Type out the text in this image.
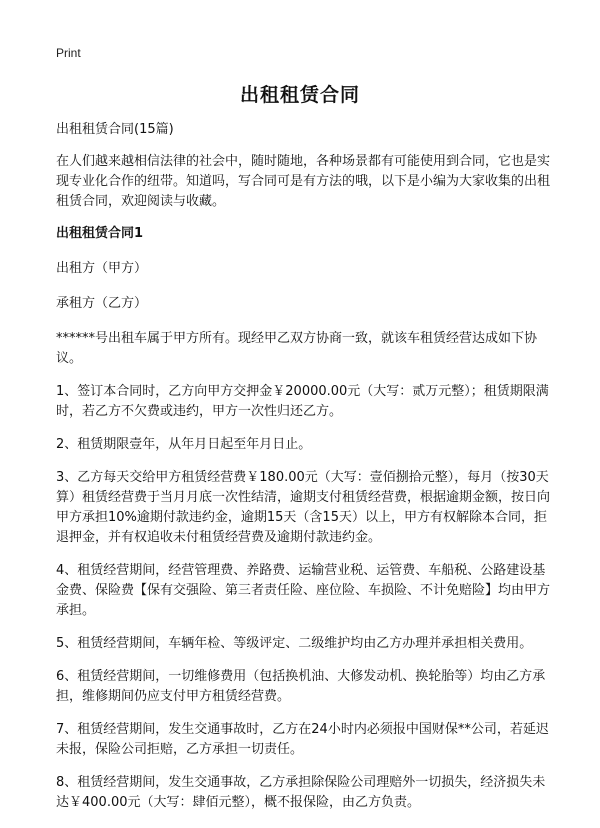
Print
出租租赁合同

出租租赁合同(15篇)

在人们越来越相信法律的社会中，随时随地，各种场景都有可能使用到合同，它也是实现专业化合作的纽带。知道吗，写合同可是有方法的哦，以下是小编为大家收集的出租租赁合同，欢迎阅读与收藏。

出租租赁合同1

出租方（甲方）

承租方（乙方）

******号出租车属于甲方所有。现经甲乙双方协商一致，就该车租赁经营达成如下协议。

1、签订本合同时，乙方向甲方交押金￥20000.00元（大写：贰万元整）；租赁期限满时，若乙方不欠费或违约，甲方一次性归还乙方。

2、租赁期限壹年，从年月日起至年月日止。

3、乙方每天交给甲方租赁经营费￥180.00元（大写：壹佰捌拾元整），每月（按30天算）租赁经营费于当月月底一次性结清，逾期支付租赁经营费，根据逾期金额，按日向甲方承担10%逾期付款违约金，逾期15天（含15天）以上，甲方有权解除本合同，拒退押金，并有权追收未付租赁经营费及逾期付款违约金。

4、租赁经营期间，经营管理费、养路费、运输营业税、运管费、车船税、公路建设基金费、保险费【保有交强险、第三者责任险、座位险、车损险、不计免赔险】均由甲方承担。

5、租赁经营期间，车辆年检、等级评定、二级维护均由乙方办理并承担相关费用。

6、租赁经营期间，一切维修费用（包括换机油、大修发动机、换轮胎等）均由乙方承担，维修期间仍应支付甲方租赁经营费。

7、租赁经营期间，发生交通事故时，乙方在24小时内必须报中国财保**公司，若延迟未报，保险公司拒赔，乙方承担一切责任。

8、租赁经营期间，发生交通事故，乙方承担除保险公司理赔外一切损失，经济损失未达￥400.00元（大写：肆佰元整），概不报保险，由乙方负责。
